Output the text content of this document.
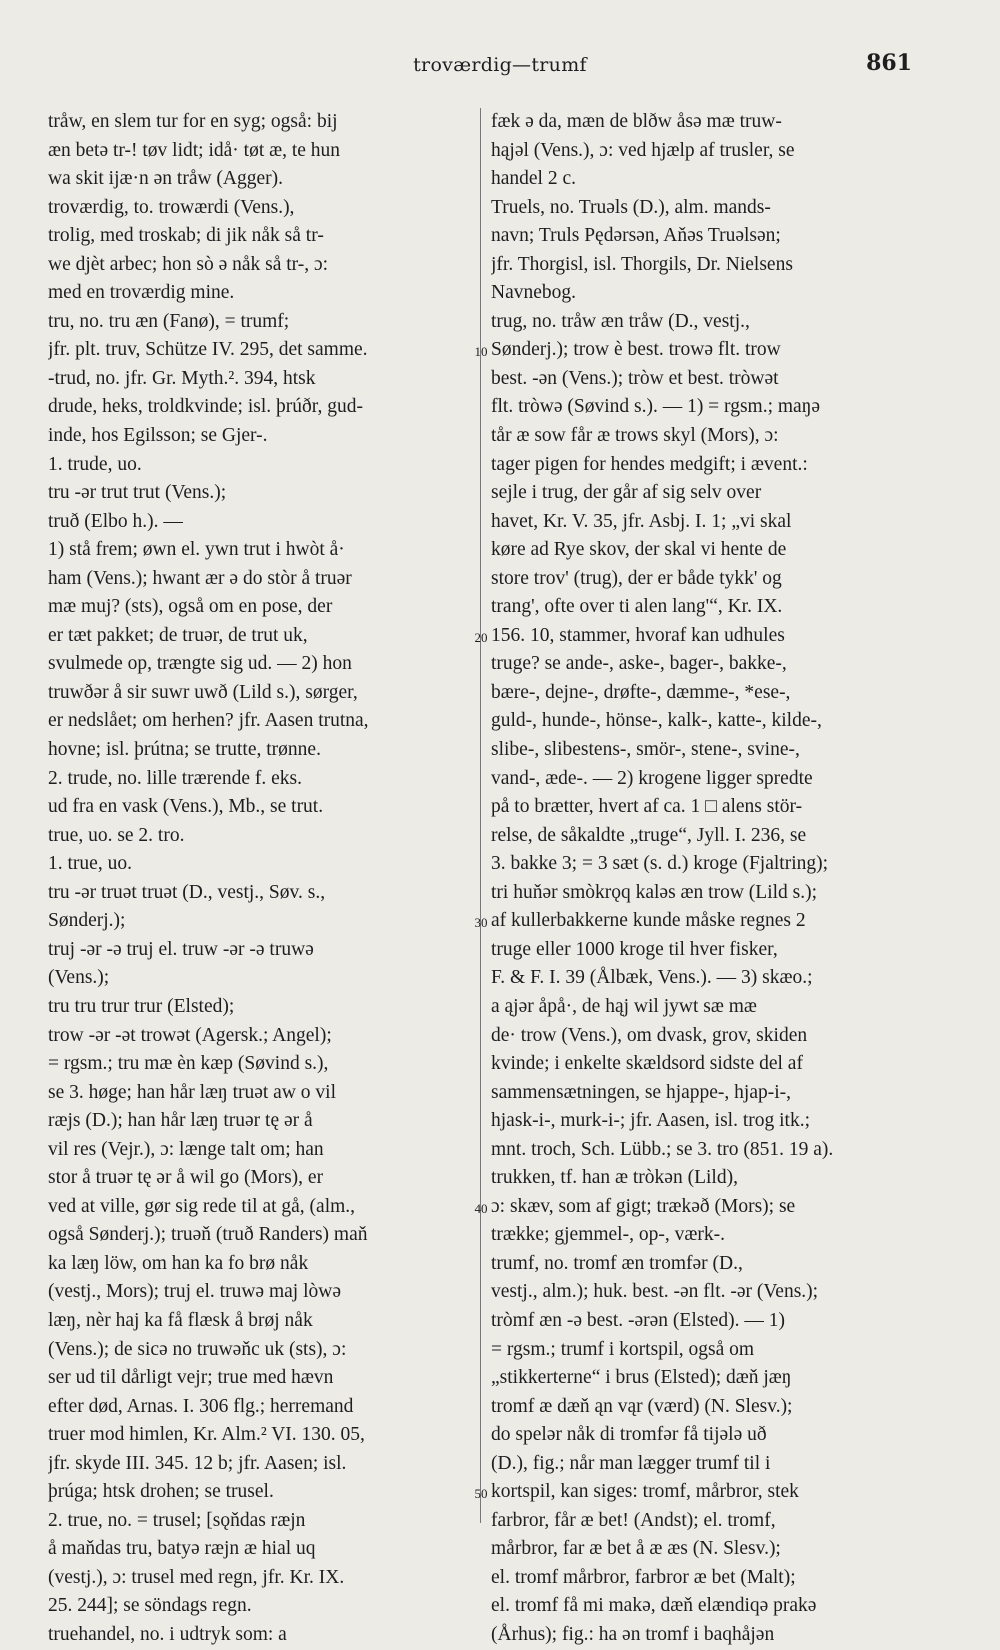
troværdig—trumf	861
tråw, en slem tur for en syg; også: bij
æn betə tr-! tøv lidt; idå· tøt æ, te hun
wa skit ijæ·n ən tråw (Agger).
troværdig, to. trowærdi (Vens.),
trolig, med troskab; di jik nåk så tr-
we djèt arbec; hon sò ə nåk så tr-, ɔ:
med en troværdig mine.
tru, no. tru æn (Fanø), = trumf;
jfr. plt. truv, Schütze IV. 295, det samme.
-trud, no. jfr. Gr. Myth.². 394, htsk
drude, heks, troldkvinde; isl. þrúðr, gud-
inde, hos Egilsson; se Gjer-.
1. trude, uo.
tru -ər trut trut (Vens.);
truð (Elbo h.). —
1) stå frem; øwn el. ywn trut i hwòt å·
ham (Vens.); hwant ær ə do stòr å truər
mæ muj? (sts), også om en pose, der
er tæt pakket; de truər, de trut uk,
svulmede op, trængte sig ud. — 2) hon
truwðər å sir suwr uwð (Lild s.), sørger,
er nedslået; om herhen? jfr. Aasen trutna,
hovne; isl. þrútna; se trutte, trønne.
2. trude, no. lille trærende f. eks.
ud fra en vask (Vens.), Mb., se trut.
true, uo. se 2. tro.
1. true, uo.
tru -ər truət truət (D., vestj., Søv. s.,
Sønderj.);
truj -ər -ə truj el. truw -ər -ə truwə
(Vens.);
tru tru trur trur (Elsted);
trow -ər -ət trowət (Agersk.; Angel);
= rgsm.; tru mæ èn kæp (Søvind s.),
se 3. høge; han hår læŋ truət aw o vil
ræjs (D.); han hår læŋ truər tę ər å
vil res (Vejr.), ɔ: længe talt om; han
stor å truər tę ər å wil go (Mors), er
ved at ville, gør sig rede til at gå, (alm.,
også Sønderj.); truəň (truð Randers) maň
ka læŋ löw, om han ka fo brø nåk
(vestj., Mors); truj el. truwə maj lòwə
læŋ, nèr haj ka få flæsk å brøj nåk
(Vens.); de sicə no truwəňc uk (sts), ɔ:
ser ud til dårligt vejr; true med hævn
efter død, Arnas. I. 306 flg.; herremand
truer mod himlen, Kr. Alm.² VI. 130. 05,
jfr. skyde III. 345. 12 b; jfr. Aasen; isl.
þrúga; htsk drohen; se trusel.
2. true, no. = trusel; [sǫňdas ræjn
å maňdas tru, batyə ræjn æ hial uq
(vestj.), ɔ: trusel med regn, jfr. Kr. IX.
25. 244]; se söndags regn.
truehandel, no. i udtryk som: a
fæk ə da, mæn de blðw åsə mæ truw-
hąjəl (Vens.), ɔ: ved hjælp af trusler, se
handel 2 c.
Truels, no. Truəls (D.), alm. mands-
navn; Truls Pędərsən, Aňəs Truəlsən;
jfr. Thorgisl, isl. Thorgils, Dr. Nielsens
Navnebog.
trug, no. tråw æn tråw (D., vestj.,
Sønderj.); trow è best. trowə flt. trow
best. -ən (Vens.); tròw et best. tròwət
flt. tròwə (Søvind s.). — 1) = rgsm.; maŋə
tår æ sow får æ trows skyl (Mors), ɔ:
tager pigen for hendes medgift; i ævent.:
sejle i trug, der går af sig selv over
havet, Kr. V. 35, jfr. Asbj. I. 1; „vi skal
køre ad Rye skov, der skal vi hente de
store trov' (trug), der er både tykk' og
trang', ofte over ti alen lang'“, Kr. IX.
156. 10, stammer, hvoraf kan udhules
truge? se ande-, aske-, bager-, bakke-,
bære-, dejne-, drøfte-, dæmme-, *ese-,
guld-, hunde-, hönse-, kalk-, katte-, kilde-,
slibe-, slibestens-, smör-, stene-, svine-,
vand-, æde-. — 2) krogene ligger spredte
på to brætter, hvert af ca. 1 □ alens stör-
relse, de såkaldte „truge“, Jyll. I. 236, se
3. bakke 3; = 3 sæt (s. d.) kroge (Fjaltring);
tri huňər smòkrǫq kaləs æn trow (Lild s.);
af kullerbakkerne kunde måske regnes 2
truge eller 1000 kroge til hver fisker,
F. & F. I. 39 (Ålbæk, Vens.). — 3) skæo.;
a ąjər åpå·, de hąj wil jywt sæ mæ
de· trow (Vens.), om dvask, grov, skiden
kvinde; i enkelte skældsord sidste del af
sammensætningen, se hjappe-, hjap-i-,
hjask-i-, murk-i-; jfr. Aasen, isl. trog itk.;
mnt. troch, Sch. Lübb.; se 3. tro (851. 19 a).
trukken, tf. han æ tròkən (Lild),
ɔ: skæv, som af gigt; trækəð (Mors); se
trække; gjemmel-, op-, værk-.
trumf, no. tromf æn tromfər (D.,
vestj., alm.); huk. best. -ən flt. -ər (Vens.);
tròmf æn -ə best. -ərən (Elsted). — 1)
= rgsm.; trumf i kortspil, også om
„stikkerterne“ i brus (Elsted); dæň jæŋ
tromf æ dæň ąn vąr (værd) (N. Slesv.);
do spelər nåk di tromfər få tijələ uð
(D.), fig.; når man lægger trumf til i
kortspil, kan siges: tromf, mårbror, stek
farbror, får æ bet! (Andst); el. tromf,
mårbror, far æ bet å æ æs (N. Slesv.);
el. tromf mårbror, farbror æ bet (Malt);
el. tromf få mi makə, dæň elændiqə prakə
(Århus); fig.: ha ən tromf i baqhåjən
10
20
30
40
50
